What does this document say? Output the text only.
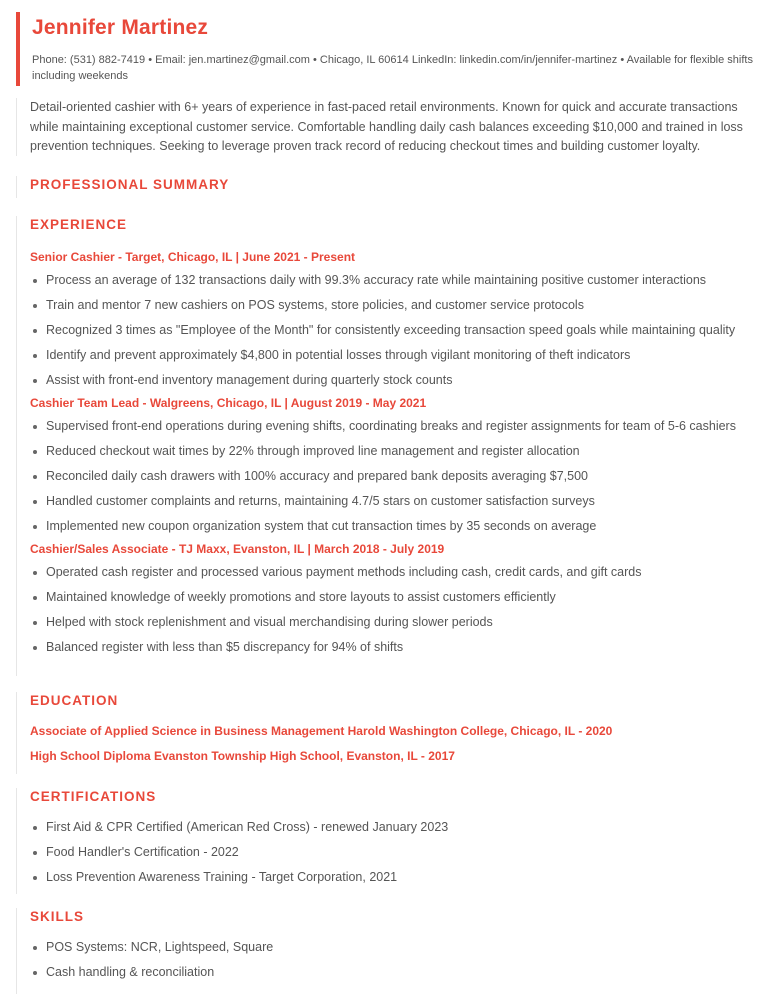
Jennifer Martinez
Phone: (531) 882-7419 • Email: jen.martinez@gmail.com • Chicago, IL 60614 LinkedIn: linkedin.com/in/jennifer-martinez • Available for flexible shifts including weekends
Detail-oriented cashier with 6+ years of experience in fast-paced retail environments. Known for quick and accurate transactions while maintaining exceptional customer service. Comfortable handling daily cash balances exceeding $10,000 and trained in loss prevention techniques. Seeking to leverage proven track record of reducing checkout times and building customer loyalty.
PROFESSIONAL SUMMARY
EXPERIENCE
Senior Cashier - Target, Chicago, IL | June 2021 - Present
Process an average of 132 transactions daily with 99.3% accuracy rate while maintaining positive customer interactions
Train and mentor 7 new cashiers on POS systems, store policies, and customer service protocols
Recognized 3 times as "Employee of the Month" for consistently exceeding transaction speed goals while maintaining quality
Identify and prevent approximately $4,800 in potential losses through vigilant monitoring of theft indicators
Assist with front-end inventory management during quarterly stock counts
Cashier Team Lead - Walgreens, Chicago, IL | August 2019 - May 2021
Supervised front-end operations during evening shifts, coordinating breaks and register assignments for team of 5-6 cashiers
Reduced checkout wait times by 22% through improved line management and register allocation
Reconciled daily cash drawers with 100% accuracy and prepared bank deposits averaging $7,500
Handled customer complaints and returns, maintaining 4.7/5 stars on customer satisfaction surveys
Implemented new coupon organization system that cut transaction times by 35 seconds on average
Cashier/Sales Associate - TJ Maxx, Evanston, IL | March 2018 - July 2019
Operated cash register and processed various payment methods including cash, credit cards, and gift cards
Maintained knowledge of weekly promotions and store layouts to assist customers efficiently
Helped with stock replenishment and visual merchandising during slower periods
Balanced register with less than $5 discrepancy for 94% of shifts
EDUCATION
Associate of Applied Science in Business Management Harold Washington College, Chicago, IL - 2020
High School Diploma Evanston Township High School, Evanston, IL - 2017
CERTIFICATIONS
First Aid & CPR Certified (American Red Cross) - renewed January 2023
Food Handler's Certification - 2022
Loss Prevention Awareness Training - Target Corporation, 2021
SKILLS
POS Systems: NCR, Lightspeed, Square
Cash handling & reconciliation
